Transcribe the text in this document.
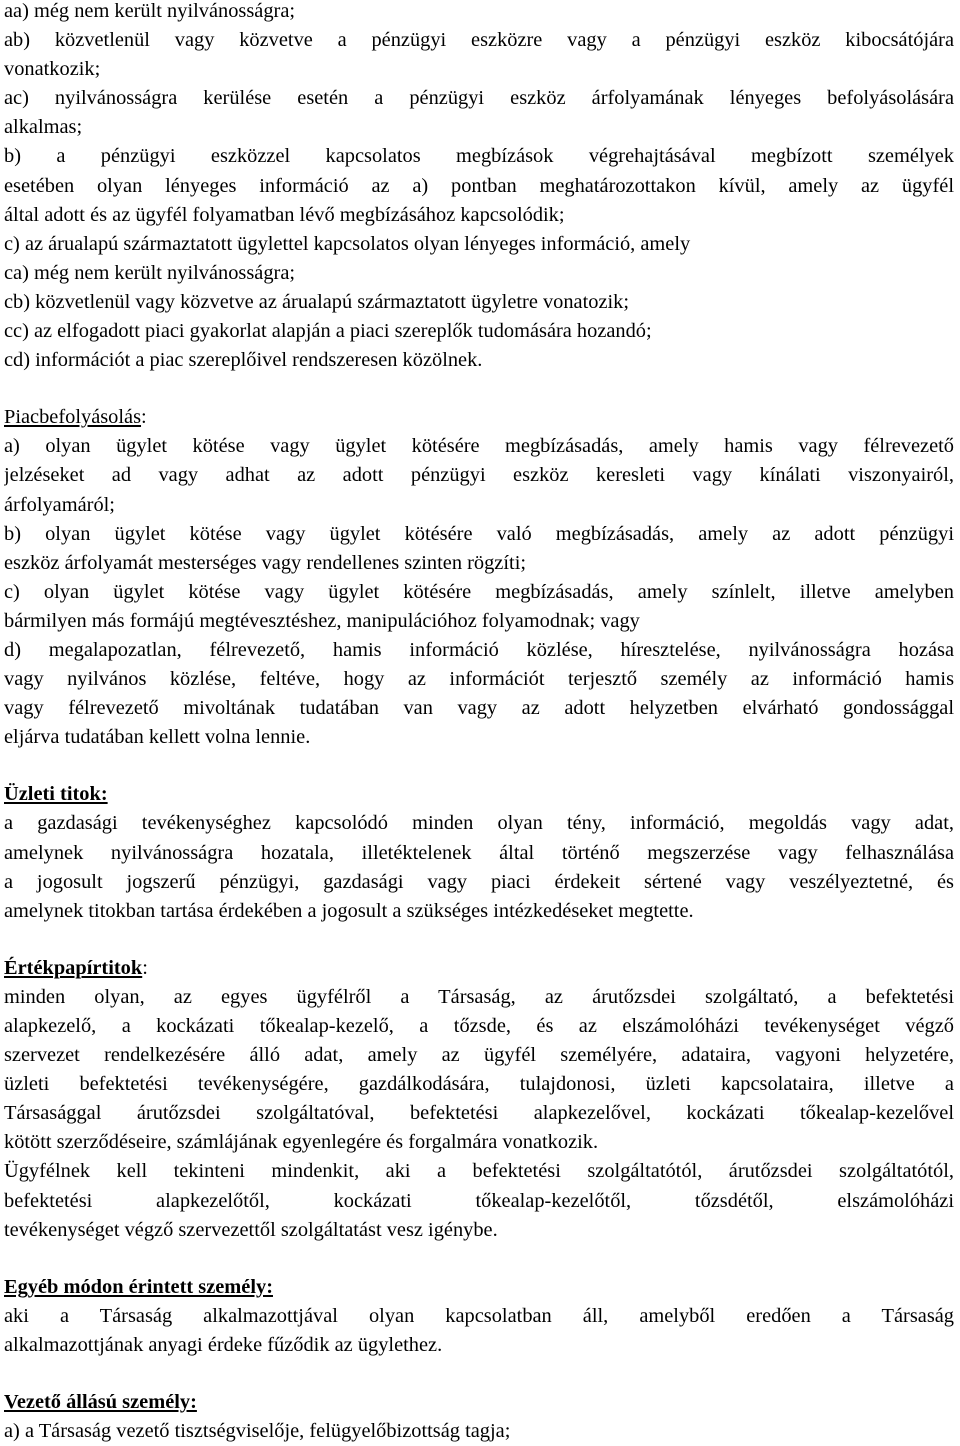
aa) még nem került nyilvánosságra;
ab) közvetlenül vagy közvetve a pénzügyi eszközre vagy a pénzügyi eszköz kibocsátójára
vonatkozik;
ac) nyilvánosságra kerülése esetén a pénzügyi eszköz árfolyamának lényeges befolyásolására
alkalmas;
b) a pénzügyi eszközzel kapcsolatos megbízások végrehajtásával megbízott személyek
esetében olyan lényeges információ az a) pontban meghatározottakon kívül, amely az ügyfél
által adott és az ügyfél folyamatban lévő megbízásához kapcsolódik;
c) az árualapú származtatott ügylettel kapcsolatos olyan lényeges információ, amely
ca) még nem került nyilvánosságra;
cb) közvetlenül vagy közvetve az árualapú származtatott ügyletre vonatozik;
cc) az elfogadott piaci gyakorlat alapján a piaci szereplők tudomására hozandó;
cd) információt a piac szereplőivel rendszeresen közölnek.
Piacbefolyásolás:
a) olyan ügylet kötése vagy ügylet kötésére megbízásadás, amely hamis vagy félrevezető
jelzéseket ad vagy adhat az adott pénzügyi eszköz keresleti vagy kínálati viszonyairól,
árfolyamáról;
b) olyan ügylet kötése vagy ügylet kötésére való megbízásadás, amely az adott pénzügyi
eszköz árfolyamát mesterséges vagy rendellenes szinten rögzíti;
c) olyan ügylet kötése vagy ügylet kötésére megbízásadás, amely színlelt, illetve amelyben
bármilyen más formájú megtévesztéshez, manipulációhoz folyamodnak; vagy
d) megalapozatlan, félrevezető, hamis információ közlése, híresztelése, nyilvánosságra hozása
vagy nyilvános közlése, feltéve, hogy az információt terjesztő személy az információ hamis
vagy félrevezető mivoltának tudatában van vagy az adott helyzetben elvárható gondossággal
eljárva tudatában kellett volna lennie.
Üzleti titok:
a gazdasági tevékenységhez kapcsolódó minden olyan tény, információ, megoldás vagy adat,
amelynek nyilvánosságra hozatala, illetéktelenek által történő megszerzése vagy felhasználása
a jogosult jogszerű pénzügyi, gazdasági vagy piaci érdekeit sértené vagy veszélyeztetné, és
amelynek titokban tartása érdekében a jogosult a szükséges intézkedéseket megtette.
Értékpapírtitok:
minden olyan, az egyes ügyfélről a Társaság, az árutőzsdei szolgáltató, a befektetési
alapkezelő, a kockázati tőkealap-kezelő, a tőzsde, és az elszámolóházi tevékenységet végző
szervezet rendelkezésére álló adat, amely az ügyfél személyére, adataira, vagyoni helyzetére,
üzleti befektetési tevékenységére, gazdálkodására, tulajdonosi, üzleti kapcsolataira, illetve a
Társasággal árutőzsdei szolgáltatóval, befektetési alapkezelővel, kockázati tőkealap-kezelővel
kötött szerződéseire, számlájának egyenlegére és forgalmára vonatkozik.
Ügyfélnek kell tekinteni mindenkit, aki a befektetési szolgáltatótól, árutőzsdei szolgáltatótól,
befektetési alapkezelőtől, kockázati tőkealap-kezelőtől, tőzsdétől, elszámolóházi
tevékenységet végző szervezettől szolgáltatást vesz igénybe.
Egyéb módon érintett személy:
aki a Társaság alkalmazottjával olyan kapcsolatban áll, amelyből eredően a Társaság
alkalmazottjának anyagi érdeke fűződik az ügylethez.
Vezető állású személy:
a) a Társaság vezető tisztségviselője, felügyelőbizottság tagja;
